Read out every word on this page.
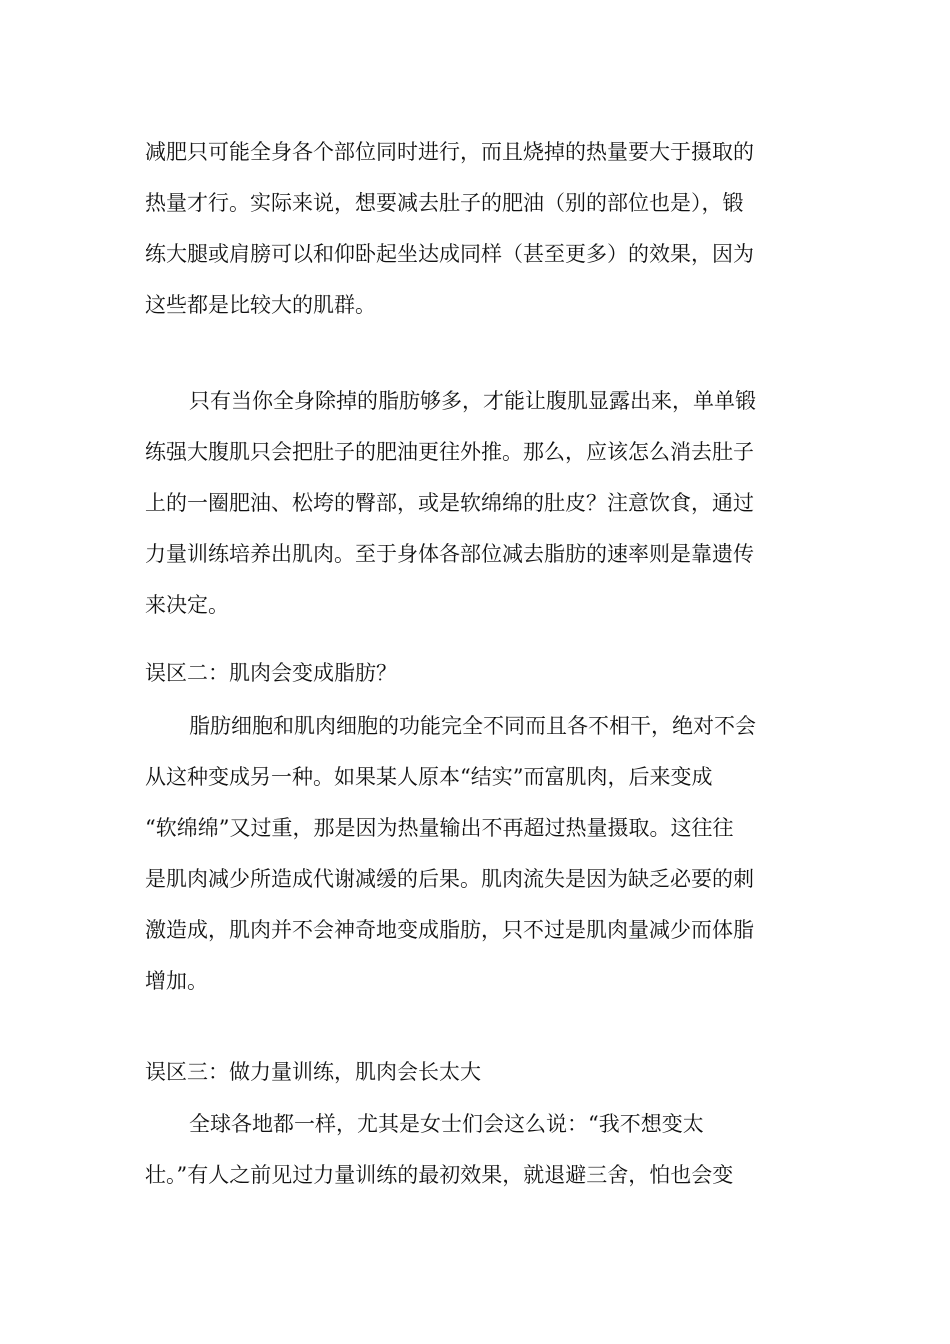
减肥只可能全身各个部位同时进行，而且烧掉的热量要大于摄取的
热量才行。实际来说，想要减去肚子的肥油（别的部位也是），锻
练大腿或肩膀可以和仰卧起坐达成同样（甚至更多）的效果，因为
这些都是比较大的肌群。
只有当你全身除掉的脂肪够多，才能让腹肌显露出来，单单锻
练强大腹肌只会把肚子的肥油更往外推。那么，应该怎么消去肚子
上的一圈肥油、松垮的臀部，或是软绵绵的肚皮？注意饮食，通过
力量训练培养出肌肉。至于身体各部位减去脂肪的速率则是靠遗传
来决定。
误区二：肌肉会变成脂肪？
脂肪细胞和肌肉细胞的功能完全不同而且各不相干，绝对不会
从这种变成另一种。如果某人原本“结实”而富肌肉，后来变成
“软绵绵”又过重，那是因为热量输出不再超过热量摄取。这往往
是肌肉减少所造成代谢减缓的后果。肌肉流失是因为缺乏必要的刺
激造成，肌肉并不会神奇地变成脂肪，只不过是肌肉量减少而体脂
增加。
误区三：做力量训练，肌肉会长太大
全球各地都一样，尤其是女士们会这么说：“我不想变太
壮。”有人之前见过力量训练的最初效果，就退避三舍，怕也会变
